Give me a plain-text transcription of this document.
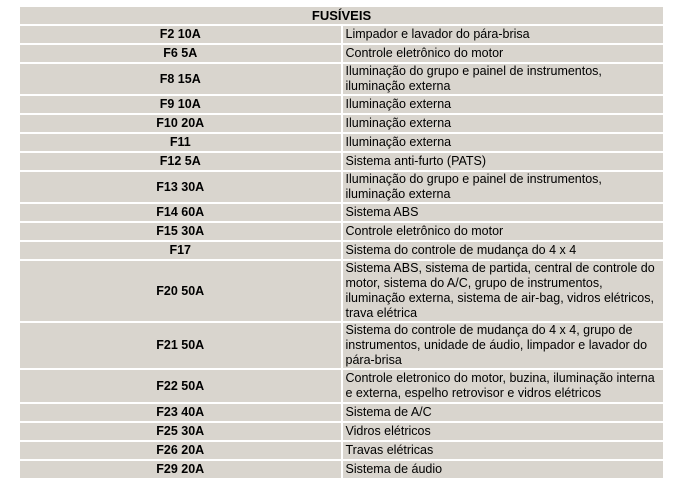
FUSÍVEIS	
F2 10A	Limpador e lavador do pára-brisa
F6 5A	Controle eletrônico do motor
F8 15A	Iluminação do grupo e painel de instrumentos, iluminação externa
F9 10A	Iluminação externa
F10 20A	Iluminação externa
F11	Iluminação externa
F12 5A	Sistema anti-furto (PATS)
F13 30A	Iluminação do grupo e painel de instrumentos, iluminação externa
F14 60A	Sistema ABS
F15 30A	Controle eletrônico do motor
F17	Sistema do controle de mudança do 4 x 4
F20 50A	Sistema ABS, sistema de partida, central de controle do motor, sistema do A/C, grupo de instrumentos, iluminação externa, sistema de air-bag, vidros elétricos, trava elétrica
F21 50A	Sistema do controle de mudança do 4 x 4, grupo de instrumentos, unidade de áudio, limpador e lavador do pára-brisa
F22 50A	Controle eletronico do motor, buzina, iluminação interna e externa, espelho retrovisor e vidros elétricos
F23 40A	Sistema de A/C
F25 30A	Vidros elétricos
F26 20A	Travas elétricas
F29 20A	Sistema de áudio
